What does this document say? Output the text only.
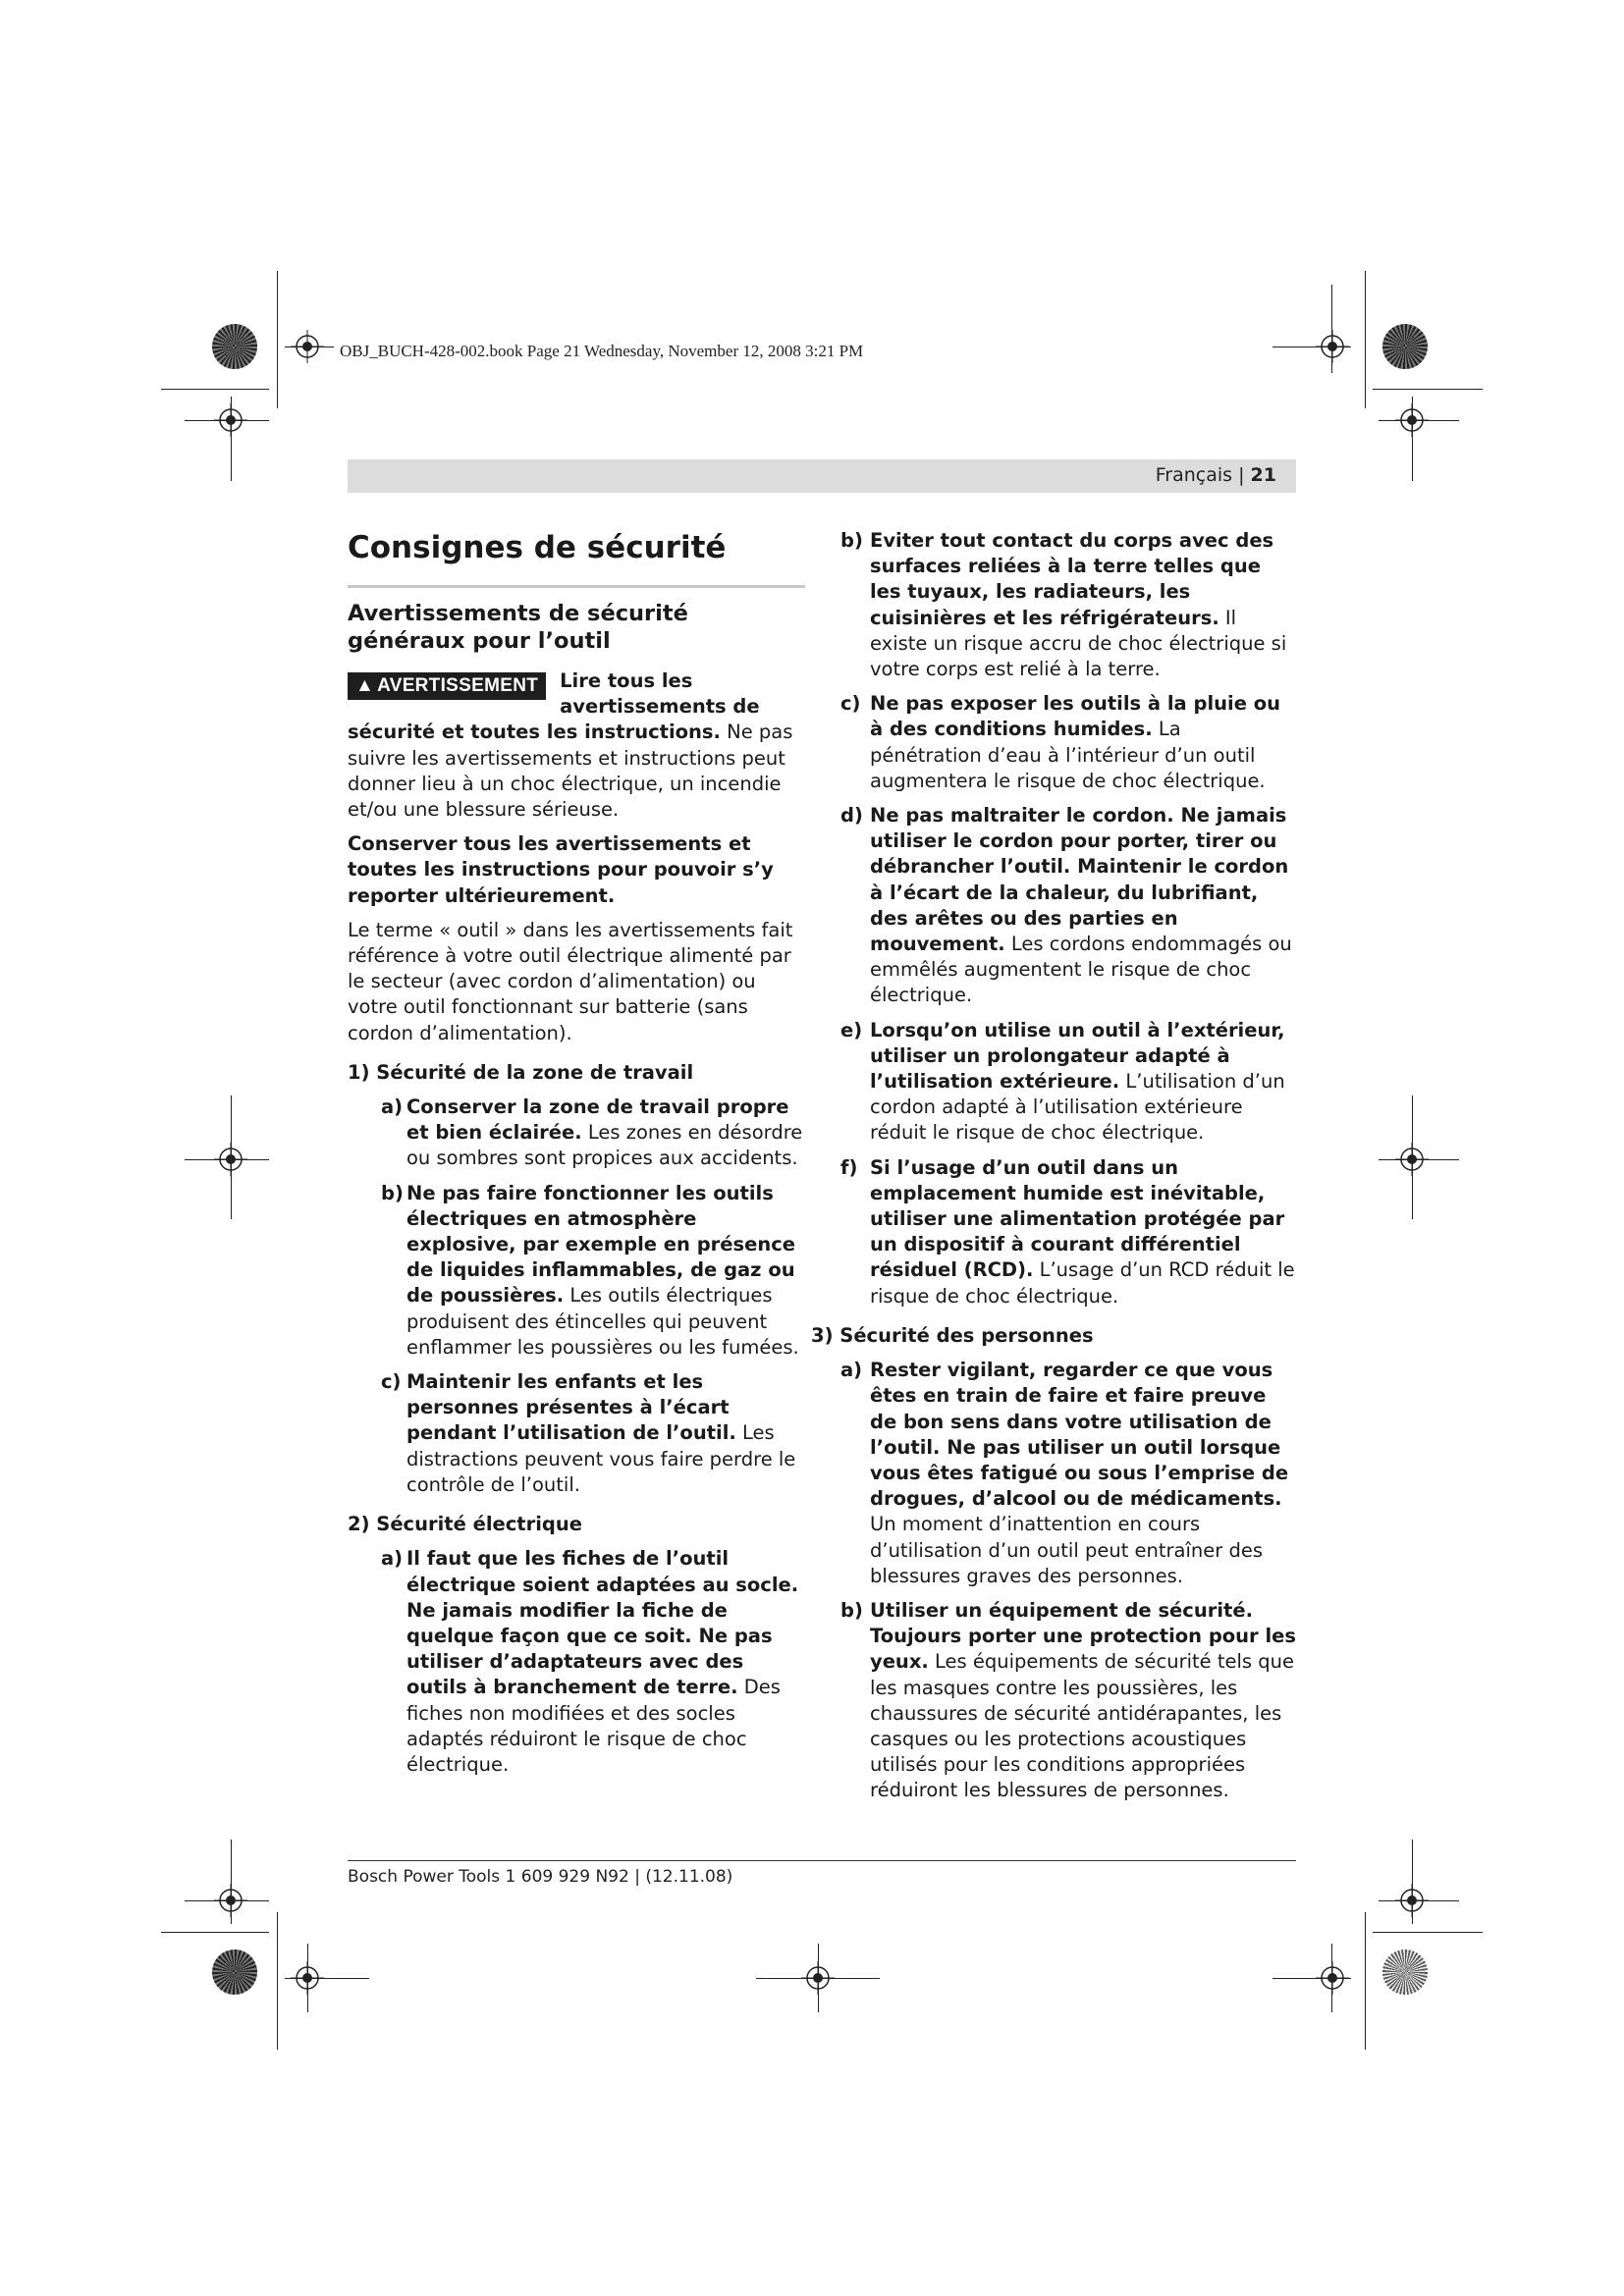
OBJ_BUCH-428-002.book Page 21 Wednesday, November 12, 2008 3:21 PM
Français | 21
Consignes de sécurité
Avertissements de sécurité généraux pour l’outil

▲ AVERTISSEMENT	Lire tous les avertissements de sécurité et toutes les instructions. Ne pas suivre les avertissements et instructions peut donner lieu à un choc électrique, un incendie et/ou une blessure sérieuse.

Conserver tous les avertissements et toutes les instructions pour pouvoir s’y reporter ultérieurement.

Le terme « outil » dans les avertissements fait référence à votre outil électrique alimenté par le secteur (avec cordon d’alimentation) ou votre outil fonctionnant sur batterie (sans cordon d’alimentation).

1) Sécurité de la zone de travail
a) Conserver la zone de travail propre et bien éclairée. Les zones en désordre ou sombres sont propices aux accidents.
b) Ne pas faire fonctionner les outils électriques en atmosphère explosive, par exemple en présence de liquides inflammables, de gaz ou de poussières. Les outils électriques produisent des étincelles qui peuvent enflammer les poussières ou les fumées.
c) Maintenir les enfants et les personnes présentes à l’écart pendant l’utilisation de l’outil. Les distractions peuvent vous faire perdre le contrôle de l’outil.
2) Sécurité électrique
a) Il faut que les fiches de l’outil électrique soient adaptées au socle. Ne jamais modifier la fiche de quelque façon que ce soit. Ne pas utiliser d’adaptateurs avec des outils à branchement de terre. Des fiches non modifiées et des socles adaptés réduiront le risque de choc électrique.
b) Eviter tout contact du corps avec des surfaces reliées à la terre telles que les tuyaux, les radiateurs, les cuisinières et les réfrigérateurs. Il existe un risque accru de choc électrique si votre corps est relié à la terre.
c) Ne pas exposer les outils à la pluie ou à des conditions humides. La pénétration d’eau à l’intérieur d’un outil augmentera le risque de choc électrique.
d) Ne pas maltraiter le cordon. Ne jamais utiliser le cordon pour porter, tirer ou débrancher l’outil. Maintenir le cordon à l’écart de la chaleur, du lubrifiant, des arêtes ou des parties en mouvement. Les cordons endommagés ou emmêlés augmentent le risque de choc électrique.
e) Lorsqu’on utilise un outil à l’extérieur, utiliser un prolongateur adapté à l’utilisation extérieure. L’utilisation d’un cordon adapté à l’utilisation extérieure réduit le risque de choc électrique.
f) Si l’usage d’un outil dans un emplacement humide est inévitable, utiliser une alimentation protégée par un dispositif à courant différentiel résiduel (RCD). L’usage d’un RCD réduit le risque de choc électrique.
3) Sécurité des personnes
a) Rester vigilant, regarder ce que vous êtes en train de faire et faire preuve de bon sens dans votre utilisation de l’outil. Ne pas utiliser un outil lorsque vous êtes fatigué ou sous l’emprise de drogues, d’alcool ou de médicaments. Un moment d’inattention en cours d’utilisation d’un outil peut entraîner des blessures graves des personnes.
b) Utiliser un équipement de sécurité. Toujours porter une protection pour les yeux. Les équipements de sécurité tels que les masques contre les poussières, les chaussures de sécurité antidérapantes, les casques ou les protections acoustiques utilisés pour les conditions appropriées réduiront les blessures de personnes.
Bosch Power Tools 1 609 929 N92 | (12.11.08)
